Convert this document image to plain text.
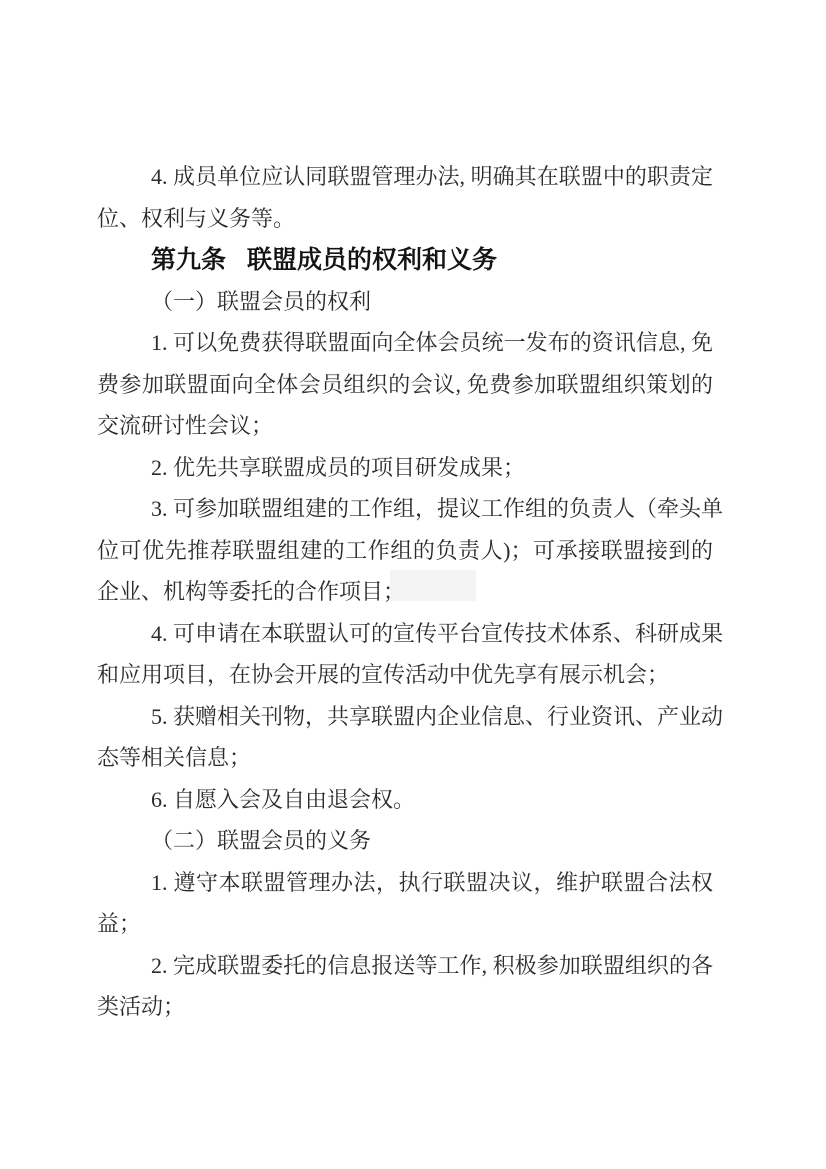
4. 成员单位应认同联盟管理办法, 明确其在联盟中的职责定
位、权利与义务等。
第九条 联盟成员的权利和义务
（一）联盟会员的权利
1. 可以免费获得联盟面向全体会员统一发布的资讯信息, 免
费参加联盟面向全体会员组织的会议, 免费参加联盟组织策划的
交流研讨性会议；
2. 优先共享联盟成员的项目研发成果；
3. 可参加联盟组建的工作组，提议工作组的负责人（牵头单
位可优先推荐联盟组建的工作组的负责人)；可承接联盟接到的
企业、机构等委托的合作项目；
4. 可申请在本联盟认可的宣传平台宣传技术体系、科研成果
和应用项目，在协会开展的宣传活动中优先享有展示机会；
5. 获赠相关刊物，共享联盟内企业信息、行业资讯、产业动
态等相关信息；
6. 自愿入会及自由退会权。
（二）联盟会员的义务
1. 遵守本联盟管理办法，执行联盟决议，维护联盟合法权
益；
2. 完成联盟委托的信息报送等工作, 积极参加联盟组织的各
类活动；
